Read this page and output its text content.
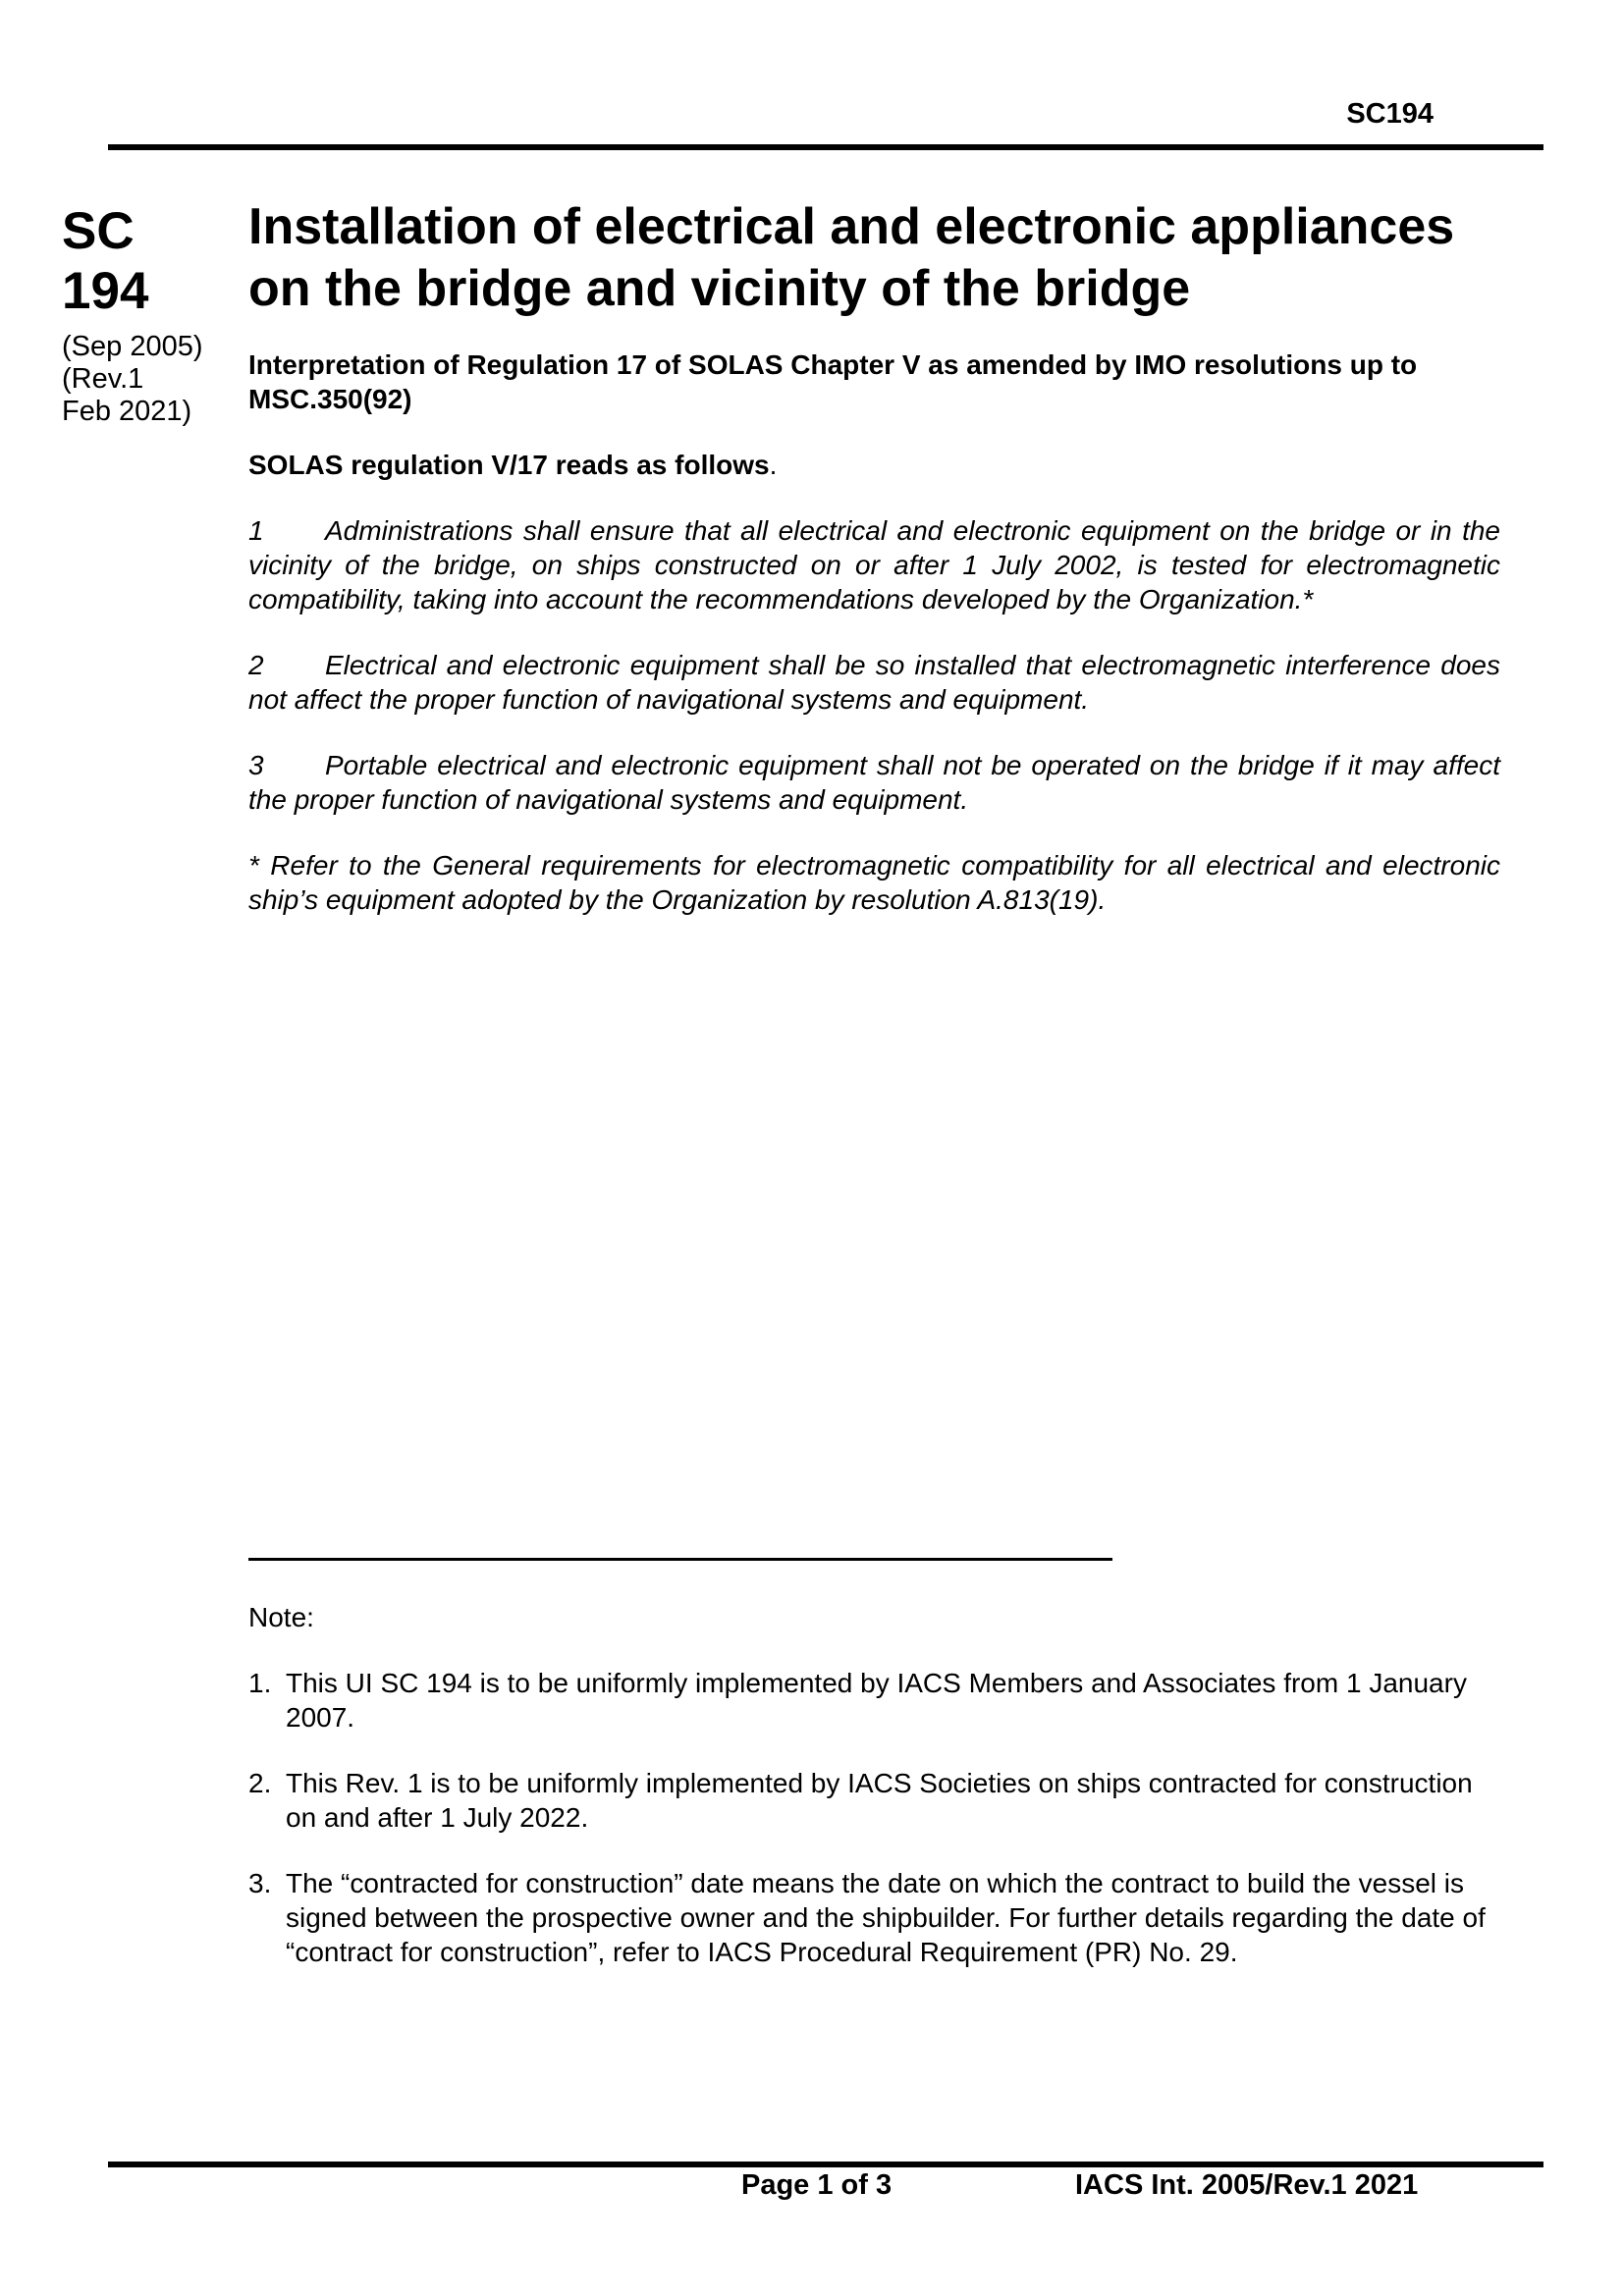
SC194
SC
194
(Sep 2005)
(Rev.1
Feb 2021)
Installation of electrical and electronic appliances on the bridge and vicinity of the bridge

Interpretation of Regulation 17 of SOLAS Chapter V as amended by IMO resolutions up to MSC.350(92)

SOLAS regulation V/17 reads as follows.

1 Administrations shall ensure that all electrical and electronic equipment on the bridge or in the vicinity of the bridge, on ships constructed on or after 1 July 2002, is tested for electromagnetic compatibility, taking into account the recommendations developed by the Organization.*

2 Electrical and electronic equipment shall be so installed that electromagnetic interference does not affect the proper function of navigational systems and equipment.

3 Portable electrical and electronic equipment shall not be operated on the bridge if it may affect the proper function of navigational systems and equipment.

* Refer to the General requirements for electromagnetic compatibility for all electrical and electronic ship’s equipment adopted by the Organization by resolution A.813(19).

Note:

1. This UI SC 194 is to be uniformly implemented by IACS Members and Associates from 1 January 2007.
2. This Rev. 1 is to be uniformly implemented by IACS Societies on ships contracted for construction on and after 1 July 2022.
3. The “contracted for construction” date means the date on which the contract to build the vessel is signed between the prospective owner and the shipbuilder. For further details regarding the date of “contract for construction”, refer to IACS Procedural Requirement (PR) No. 29.
Page 1 of 3	IACS Int. 2005/Rev.1 2021
